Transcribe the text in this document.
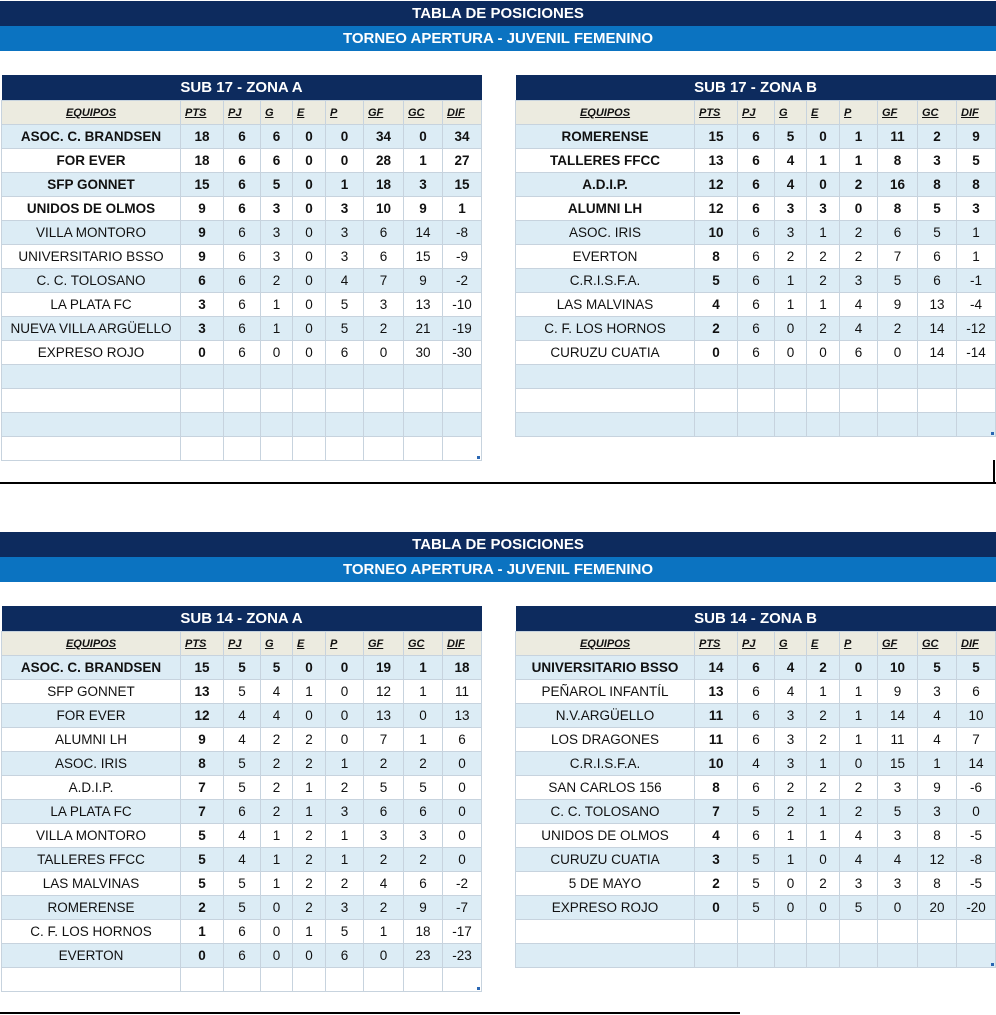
TABLA DE POSICIONES
TORNEO APERTURA - JUVENIL FEMENINO
TABLA DE POSICIONES
TORNEO APERTURA - JUVENIL FEMENINO
SUB 17 - ZONA A								
EQUIPOS	PTS	PJ	G	E	P	GF	GC	DIF
ASOC. C. BRANDSEN	18	6	6	0	0	34	0	34
FOR EVER	18	6	6	0	0	28	1	27
SFP GONNET	15	6	5	0	1	18	3	15
UNIDOS DE OLMOS	9	6	3	0	3	10	9	1
VILLA MONTORO	9	6	3	0	3	6	14	-8
UNIVERSITARIO BSSO	9	6	3	0	3	6	15	-9
C. C. TOLOSANO	6	6	2	0	4	7	9	-2
LA PLATA FC	3	6	1	0	5	3	13	-10
NUEVA VILLA ARGÜELLO	3	6	1	0	5	2	21	-19
EXPRESO ROJO	0	6	0	0	6	0	30	-30

SUB 17 - ZONA B								
EQUIPOS	PTS	PJ	G	E	P	GF	GC	DIF
ROMERENSE	15	6	5	0	1	11	2	9
TALLERES FFCC	13	6	4	1	1	8	3	5
A.D.I.P.	12	6	4	0	2	16	8	8
ALUMNI LH	12	6	3	3	0	8	5	3
ASOC. IRIS	10	6	3	1	2	6	5	1
EVERTON	8	6	2	2	2	7	6	1
C.R.I.S.F.A.	5	6	1	2	3	5	6	-1
LAS MALVINAS	4	6	1	1	4	9	13	-4
C. F. LOS HORNOS	2	6	0	2	4	2	14	-12
CURUZU CUATIA	0	6	0	0	6	0	14	-14

SUB 14 - ZONA A								
EQUIPOS	PTS	PJ	G	E	P	GF	GC	DIF
ASOC. C. BRANDSEN	15	5	5	0	0	19	1	18
SFP GONNET	13	5	4	1	0	12	1	11
FOR EVER	12	4	4	0	0	13	0	13
ALUMNI LH	9	4	2	2	0	7	1	6
ASOC. IRIS	8	5	2	2	1	2	2	0
A.D.I.P.	7	5	2	1	2	5	5	0
LA PLATA FC	7	6	2	1	3	6	6	0
VILLA MONTORO	5	4	1	2	1	3	3	0
TALLERES FFCC	5	4	1	2	1	2	2	0
LAS MALVINAS	5	5	1	2	2	4	6	-2
ROMERENSE	2	5	0	2	3	2	9	-7
C. F. LOS HORNOS	1	6	0	1	5	1	18	-17
EVERTON	0	6	0	0	6	0	23	-23

SUB 14 - ZONA B								
EQUIPOS	PTS	PJ	G	E	P	GF	GC	DIF
UNIVERSITARIO BSSO	14	6	4	2	0	10	5	5
PEÑAROL INFANTÍL	13	6	4	1	1	9	3	6
N.V.ARGÜELLO	11	6	3	2	1	14	4	10
LOS DRAGONES	11	6	3	2	1	11	4	7
C.R.I.S.F.A.	10	4	3	1	0	15	1	14
SAN CARLOS 156	8	6	2	2	2	3	9	-6
C. C. TOLOSANO	7	5	2	1	2	5	3	0
UNIDOS DE OLMOS	4	6	1	1	4	3	8	-5
CURUZU CUATIA	3	5	1	0	4	4	12	-8
5 DE MAYO	2	5	0	2	3	3	8	-5
EXPRESO ROJO	0	5	0	0	5	0	20	-20
